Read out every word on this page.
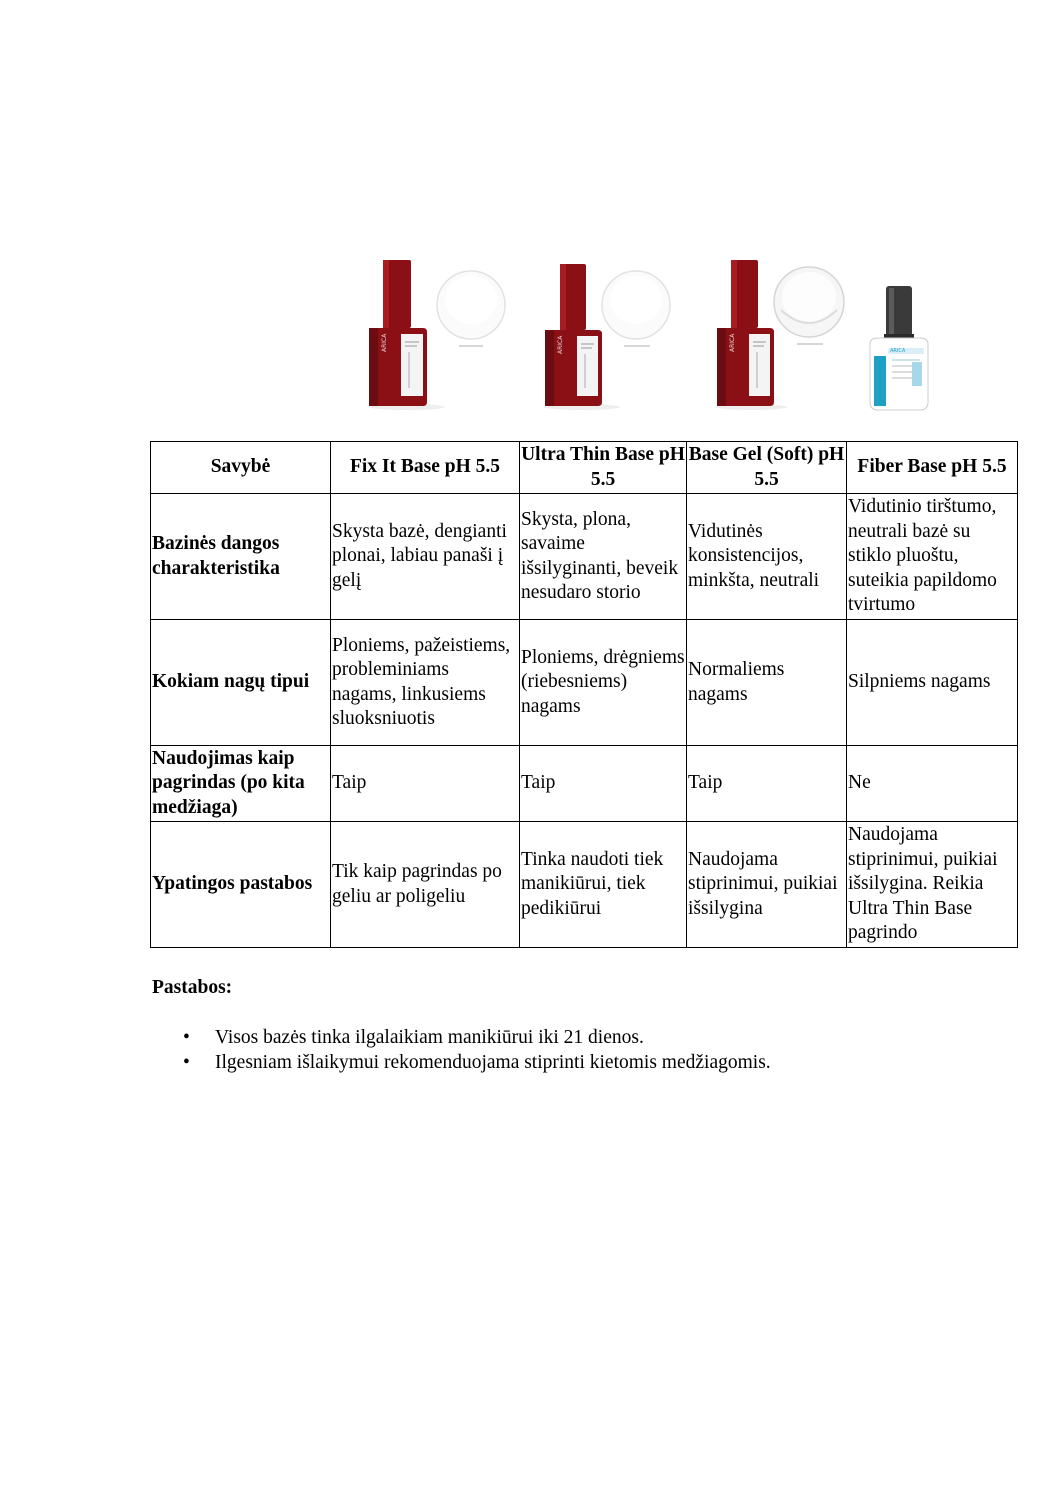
ARICA	ARICA	ARICA	ARICA
Savybė	Fix It Base pH 5.5	Ultra Thin Base pH 5.5	Base Gel (Soft) pH 5.5	Fiber Base pH 5.5
Bazinės dangos charakteristika	Skysta bazė, dengianti plonai, labiau panaši į gelį	Skysta, plona, savaime išsilyginanti, beveik nesudaro storio	Vidutinės konsistencijos, minkšta, neutrali	Vidutinio tirštumo, neutrali bazė su stiklo pluoštu, suteikia papildomo tvirtumo
Kokiam nagų tipui	Ploniems, pažeistiems, probleminiams nagams, linkusiems sluoksniuotis	Ploniems, drėgniems (riebesniems) nagams	Normaliems nagams	Silpniems nagams
Naudojimas kaip pagrindas (po kita medžiaga)	Taip	Taip	Taip	Ne
Ypatingos pastabos	Tik kaip pagrindas po geliu ar poligeliu	Tinka naudoti tiek manikiūrui, tiek pedikiūrui	Naudojama stiprinimui, puikiai išsilygina	Naudojama stiprinimui, puikiai išsilygina. Reikia Ultra Thin Base pagrindo
Pastabos:
• Visos bazės tinka ilgalaikiam manikiūrui iki 21 dienos.
• Ilgesniam išlaikymui rekomenduojama stiprinti kietomis medžiagomis.
